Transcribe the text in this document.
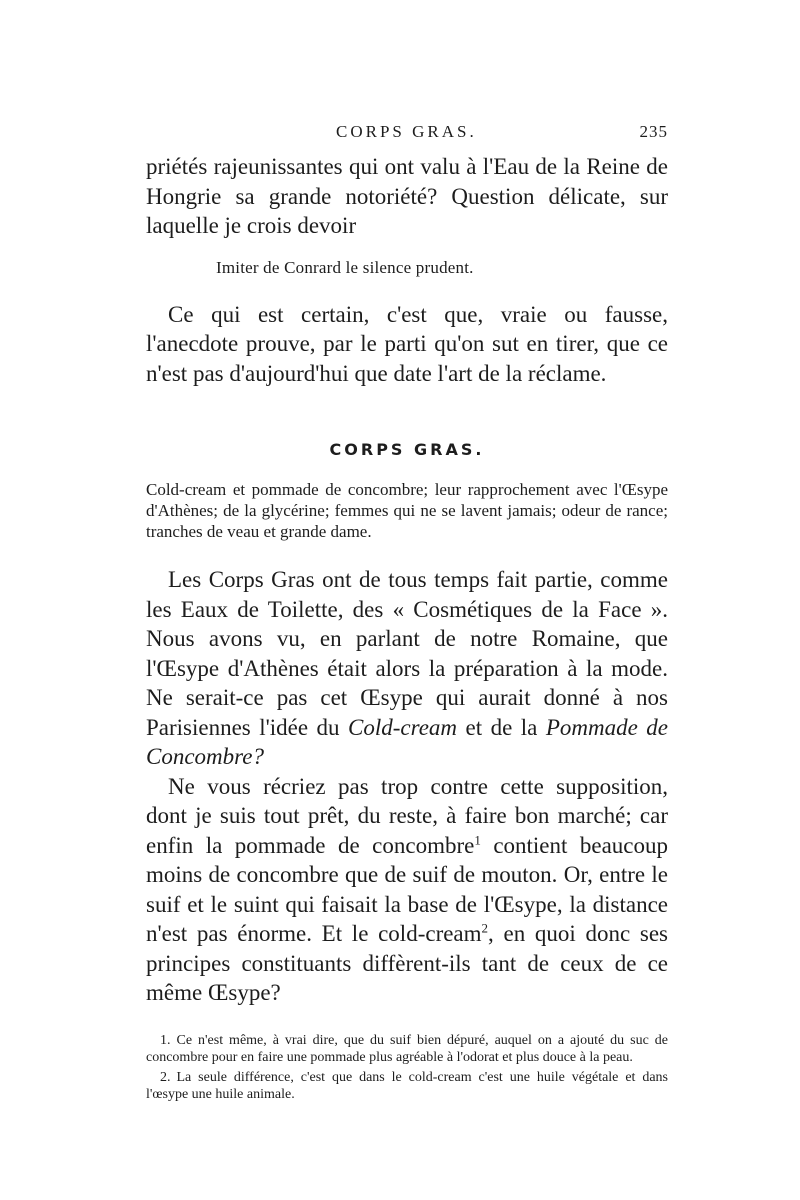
CORPS GRAS.	235

priétés rajeunissantes qui ont valu à l'Eau de la Reine de Hongrie sa grande notoriété? Question délicate, sur laquelle je crois devoir

Imiter de Conrard le silence prudent.

Ce qui est certain, c'est que, vraie ou fausse, l'anecdote prouve, par le parti qu'on sut en tirer, que ce n'est pas d'aujourd'hui que date l'art de la réclame.

CORPS GRAS.

Cold-cream et pommade de concombre; leur rapprochement avec l'Œsype d'Athènes; de la glycérine; femmes qui ne se lavent jamais; odeur de rance; tranches de veau et grande dame.

Les Corps Gras ont de tous temps fait partie, comme les Eaux de Toilette, des « Cosmétiques de la Face ». Nous avons vu, en parlant de notre Romaine, que l'Œsype d'Athènes était alors la préparation à la mode. Ne serait-ce pas cet Œsype qui aurait donné à nos Parisiennes l'idée du Cold-cream et de la Pommade de Concombre?

Ne vous récriez pas trop contre cette supposition, dont je suis tout prêt, du reste, à faire bon marché; car enfin la pommade de concombre$^1$ contient beaucoup moins de concombre que de suif de mouton. Or, entre le suif et le suint qui faisait la base de l'Œsype, la distance n'est pas énorme. Et le cold-cream$^2$, en quoi donc ses principes constituants diffèrent-ils tant de ceux de ce même Œsype?

1. Ce n'est même, à vrai dire, que du suif bien dépuré, auquel on a ajouté du suc de concombre pour en faire une pommade plus agréable à l'odorat et plus douce à la peau.

2. La seule différence, c'est que dans le cold-cream c'est une huile végétale et dans l'œsype une huile animale.
